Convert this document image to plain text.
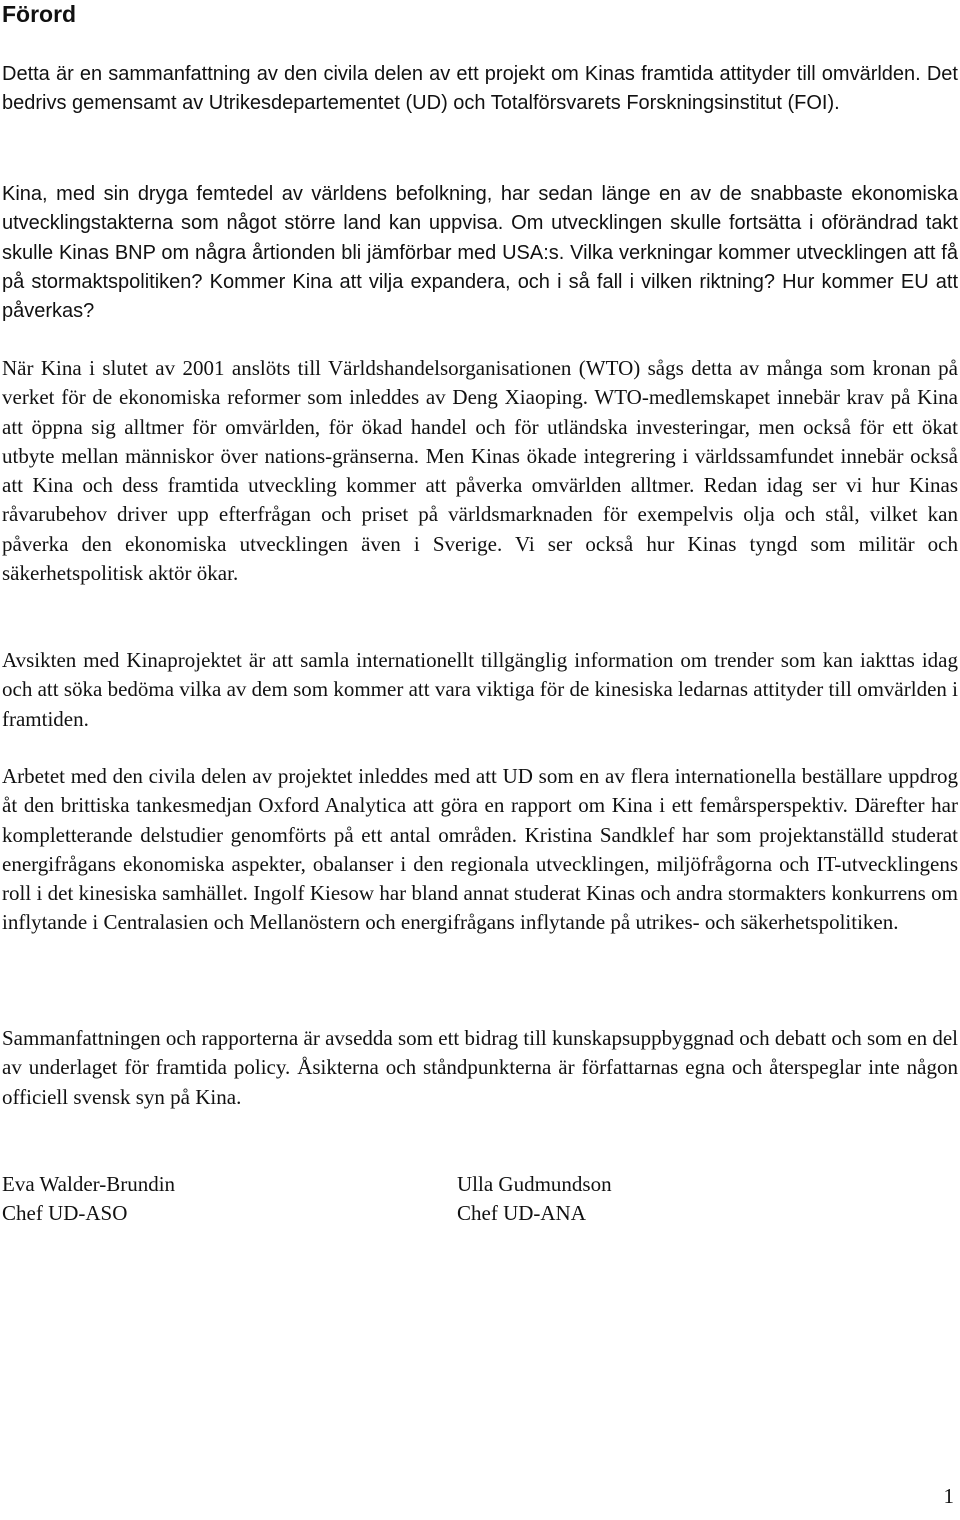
Förord

Detta är en sammanfattning av den civila delen av ett projekt om Kinas framtida attityder till omvärlden. Det bedrivs gemensamt av Utrikesdepartementet (UD) och Totalförsvarets Forskningsinstitut (FOI).

Kina, med sin dryga femtedel av världens befolkning, har sedan länge en av de snabbaste ekonomiska utvecklingstakterna som något större land kan uppvisa. Om utvecklingen skulle fortsätta i oförändrad takt skulle Kinas BNP om några årtionden bli jämförbar med USA:s. Vilka verkningar kommer utvecklingen att få på stormaktspolitiken? Kommer Kina att vilja expandera, och i så fall i vilken riktning? Hur kommer EU att påverkas?

När Kina i slutet av 2001 anslöts till Världshandelsorganisationen (WTO) sågs detta av många som kronan på verket för de ekonomiska reformer som inleddes av Deng Xiaoping. WTO-medlemskapet innebär krav på Kina att öppna sig alltmer för omvärlden, för ökad handel och för utländska investeringar, men också för ett ökat utbyte mellan människor över nations-gränserna. Men Kinas ökade integrering i världssamfundet innebär också att Kina och dess framtida utveckling kommer att påverka omvärlden alltmer. Redan idag ser vi hur Kinas råvarubehov driver upp efterfrågan och priset på världsmarknaden för exempelvis olja och stål, vilket kan påverka den ekonomiska utvecklingen även i Sverige. Vi ser också hur Kinas tyngd som militär och säkerhetspolitisk aktör ökar.

Avsikten med Kinaprojektet är att samla internationellt tillgänglig information om trender som kan iakttas idag och att söka bedöma vilka av dem som kommer att vara viktiga för de kinesiska ledarnas attityder till omvärlden i framtiden.

Arbetet med den civila delen av projektet inleddes med att UD som en av flera internationella beställare uppdrog åt den brittiska tankesmedjan Oxford Analytica att göra en rapport om Kina i ett femårsperspektiv. Därefter har kompletterande delstudier genomförts på ett antal områden. Kristina Sandklef har som projektanställd studerat energifrågans ekonomiska aspekter, obalanser i den regionala utvecklingen, miljöfrågorna och IT-utvecklingens roll i det kinesiska samhället. Ingolf Kiesow har bland annat studerat Kinas och andra stormakters konkurrens om inflytande i Centralasien och Mellanöstern och energifrågans inflytande på utrikes- och säkerhetspolitiken.

Sammanfattningen och rapporterna är avsedda som ett bidrag till kunskapsuppbyggnad och debatt och som en del av underlaget för framtida policy. Åsikterna och ståndpunkterna är författarnas egna och återspeglar inte någon officiell svensk syn på Kina.

Eva Walder-Brundin
Chef UD-ASO
Ulla Gudmundson
Chef UD-ANA
1
